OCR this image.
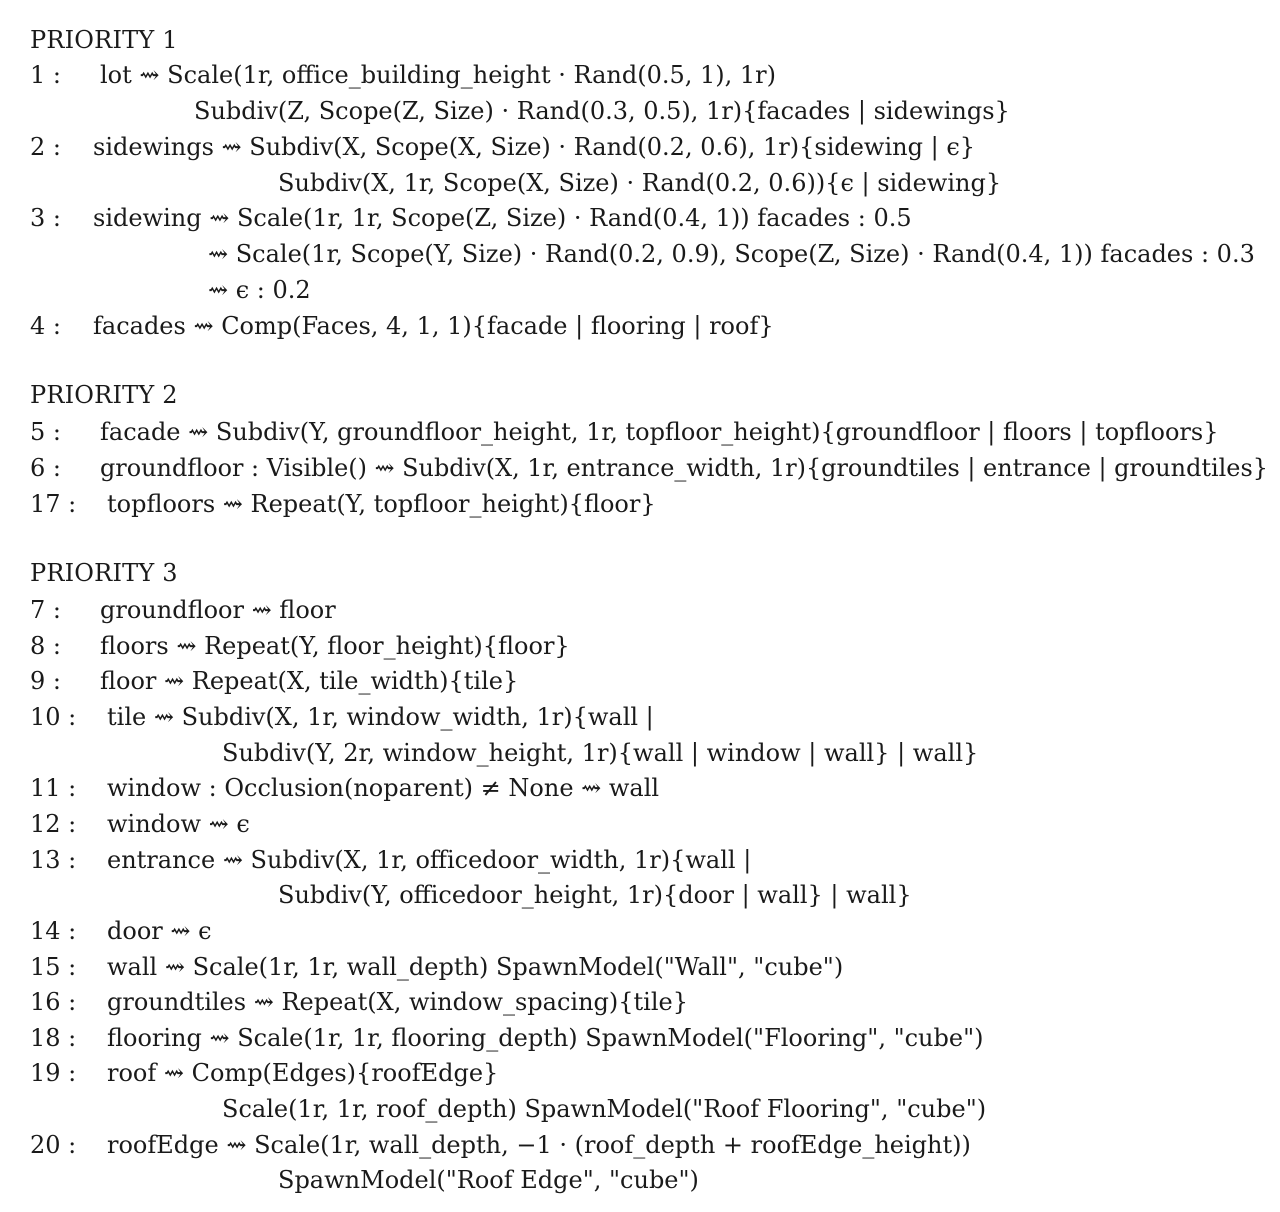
PRIORITY 1
1 : lot ⇝ Scale(1r, office_building_height · Rand(0.5, 1), 1r)
Subdiv(Z, Scope(Z, Size) · Rand(0.3, 0.5), 1r){facades | sidewings}
2 : sidewings ⇝ Subdiv(X, Scope(X, Size) · Rand(0.2, 0.6), 1r){sidewing | ϵ}
Subdiv(X, 1r, Scope(X, Size) · Rand(0.2, 0.6)){ϵ | sidewing}
3 : sidewing ⇝ Scale(1r, 1r, Scope(Z, Size) · Rand(0.4, 1)) facades : 0.5
⇝ Scale(1r, Scope(Y, Size) · Rand(0.2, 0.9), Scope(Z, Size) · Rand(0.4, 1)) facades : 0.3
⇝ ϵ : 0.2
4 : facades ⇝ Comp(Faces, 4, 1, 1){facade | flooring | roof}
PRIORITY 2
5 : facade ⇝ Subdiv(Y, groundfloor_height, 1r, topfloor_height){groundfloor | floors | topfloors}
6 : groundfloor : Visible() ⇝ Subdiv(X, 1r, entrance_width, 1r){groundtiles | entrance | groundtiles}
17 : topfloors ⇝ Repeat(Y, topfloor_height){floor}
PRIORITY 3
7 : groundfloor ⇝ floor
8 : floors ⇝ Repeat(Y, floor_height){floor}
9 : floor ⇝ Repeat(X, tile_width){tile}
10 : tile ⇝ Subdiv(X, 1r, window_width, 1r){wall |
Subdiv(Y, 2r, window_height, 1r){wall | window | wall} | wall}
11 : window : Occlusion(noparent) ≠ None ⇝ wall
12 : window ⇝ ϵ
13 : entrance ⇝ Subdiv(X, 1r, officedoor_width, 1r){wall |
Subdiv(Y, officedoor_height, 1r){door | wall} | wall}
14 : door ⇝ ϵ
15 : wall ⇝ Scale(1r, 1r, wall_depth) SpawnModel("Wall", "cube")
16 : groundtiles ⇝ Repeat(X, window_spacing){tile}
18 : flooring ⇝ Scale(1r, 1r, flooring_depth) SpawnModel("Flooring", "cube")
19 : roof ⇝ Comp(Edges){roofEdge}
Scale(1r, 1r, roof_depth) SpawnModel("Roof Flooring", "cube")
20 : roofEdge ⇝ Scale(1r, wall_depth, −1 · (roof_depth + roofEdge_height))
SpawnModel("Roof Edge", "cube")
